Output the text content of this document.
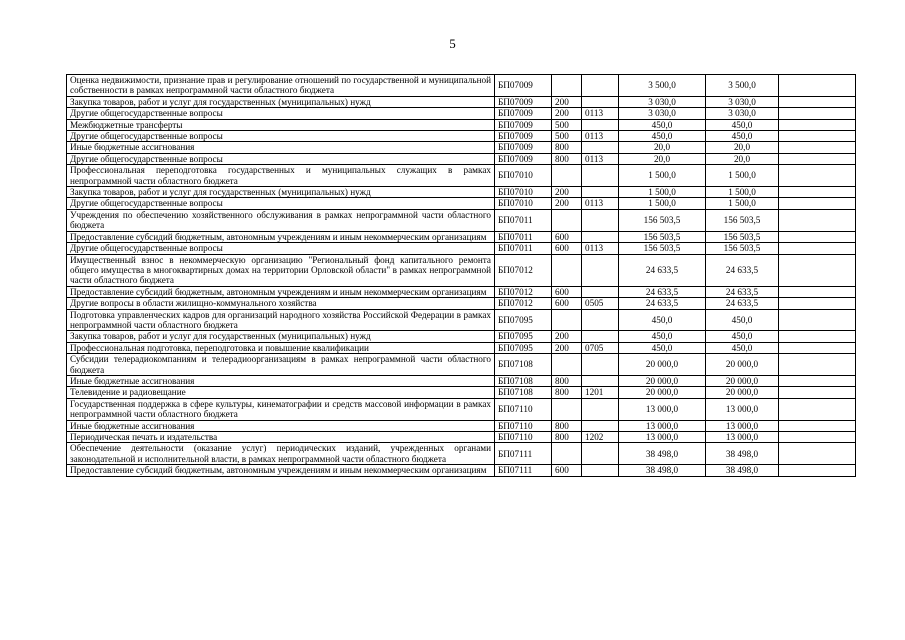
5
Оценка недвижимости, признание прав и регулирование отношений по государственной и муниципальной собственности в рамках непрограммной части областного бюджета	БП07009			3 500,0	3 500,0	
Закупка товаров, работ и услуг для государственных (муниципальных) нужд	БП07009	200		3 030,0	3 030,0	
Другие общегосударственные вопросы	БП07009	200	0113	3 030,0	3 030,0	
Межбюджетные трансферты	БП07009	500		450,0	450,0	
Другие общегосударственные вопросы	БП07009	500	0113	450,0	450,0	
Иные бюджетные ассигнования	БП07009	800		20,0	20,0	
Другие общегосударственные вопросы	БП07009	800	0113	20,0	20,0	
Профессиональная переподготовка государственных и муниципальных служащих в рамках непрограммной части областного бюджета	БП07010			1 500,0	1 500,0	
Закупка товаров, работ и услуг для государственных (муниципальных) нужд	БП07010	200		1 500,0	1 500,0	
Другие общегосударственные вопросы	БП07010	200	0113	1 500,0	1 500,0	
Учреждения по обеспечению хозяйственного обслуживания в рамках непрограммной части областного бюджета	БП07011			156 503,5	156 503,5	
Предоставление субсидий бюджетным, автономным учреждениям и иным некоммерческим организациям	БП07011	600		156 503,5	156 503,5	
Другие общегосударственные вопросы	БП07011	600	0113	156 503,5	156 503,5	
Имущественный взнос в некоммерческую организацию "Региональный фонд капитального ремонта общего имущества в многоквартирных домах на территории Орловской области" в рамках непрограммной части областного бюджета	БП07012			24 633,5	24 633,5	
Предоставление субсидий бюджетным, автономным учреждениям и иным некоммерческим организациям	БП07012	600		24 633,5	24 633,5	
Другие вопросы в области жилищно-коммунального хозяйства	БП07012	600	0505	24 633,5	24 633,5	
Подготовка управленческих кадров для организаций народного хозяйства Российской Федерации в рамках непрограммной части областного бюджета	БП07095			450,0	450,0	
Закупка товаров, работ и услуг для государственных (муниципальных) нужд	БП07095	200		450,0	450,0	
Профессиональная подготовка, переподготовка и повышение квалификации	БП07095	200	0705	450,0	450,0	
Субсидии телерадиокомпаниям и телерадиоорганизациям в рамках непрограммной части областного бюджета	БП07108			20 000,0	20 000,0	
Иные бюджетные ассигнования	БП07108	800		20 000,0	20 000,0	
Телевидение и радиовещание	БП07108	800	1201	20 000,0	20 000,0	
Государственная поддержка в сфере культуры, кинематографии и средств массовой информации в рамках непрограммной части областного бюджета	БП07110			13 000,0	13 000,0	
Иные бюджетные ассигнования	БП07110	800		13 000,0	13 000,0	
Периодическая печать и издательства	БП07110	800	1202	13 000,0	13 000,0	
Обеспечение деятельности (оказание услуг) периодических изданий, учрежденных органами законодательной и исполнительной власти, в рамках непрограммной части областного бюджета	БП07111			38 498,0	38 498,0	
Предоставление субсидий бюджетным, автономным учреждениям и иным некоммерческим организациям	БП07111	600		38 498,0	38 498,0	
